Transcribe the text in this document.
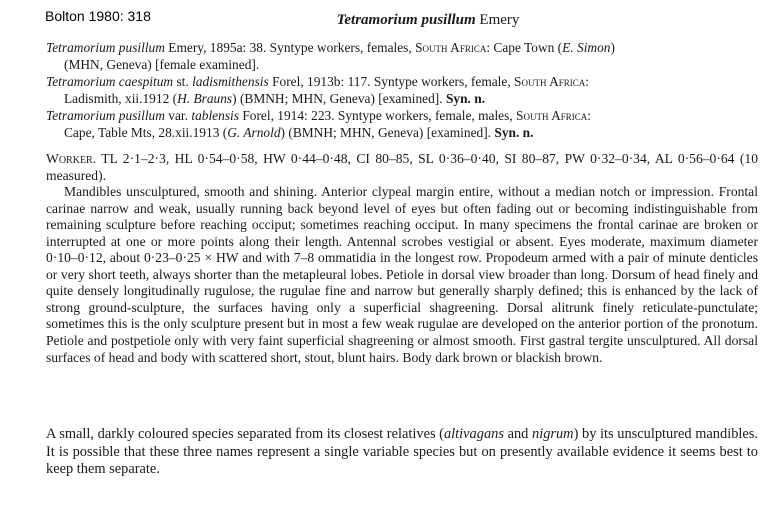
Bolton 1980: 318	Tetramorium pusillum Emery
Tetramorium pusillum Emery, 1895a: 38. Syntype workers, females, South Africa: Cape Town (E. Simon)
(MHN, Geneva) [female examined].
Tetramorium caespitum st. ladismithensis Forel, 1913b: 117. Syntype workers, female, South Africa:
Ladismith, xii.1912 (H. Brauns) (BMNH; MHN, Geneva) [examined]. Syn. n.
Tetramorium pusillum var. tablensis Forel, 1914: 223. Syntype workers, female, males, South Africa:
Cape, Table Mts, 28.xii.1913 (G. Arnold) (BMNH; MHN, Geneva) [examined]. Syn. n.

Worker. TL 2·1–2·3, HL 0·54–0·58, HW 0·44–0·48, CI 80–85, SL 0·36–0·40, SI 80–87, PW 0·32–0·34, AL 0·56–0·64 (10 measured).

Mandibles unsculptured, smooth and shining. Anterior clypeal margin entire, without a median notch or impression. Frontal carinae narrow and weak, usually running back beyond level of eyes but often fading out or becoming indistinguishable from remaining sculpture before reaching occiput; sometimes reaching occiput. In many specimens the frontal carinae are broken or interrupted at one or more points along their length. Antennal scrobes vestigial or absent. Eyes moderate, maximum diameter 0·10–0·12, about 0·23–0·25 × HW and with 7–8 ommatidia in the longest row. Propodeum armed with a pair of minute denticles or very short teeth, always shorter than the metapleural lobes. Petiole in dorsal view broader than long. Dorsum of head finely and quite densely longitudinally rugulose, the rugulae fine and narrow but generally sharply defined; this is enhanced by the lack of strong ground-sculpture, the surfaces having only a superficial shagreening. Dorsal alitrunk finely reticulate-punctulate; sometimes this is the only sculpture present but in most a few weak rugulae are developed on the anterior portion of the pronotum. Petiole and postpetiole only with very faint superficial shagreening or almost smooth. First gastral tergite unsculptured. All dorsal surfaces of head and body with scattered short, stout, blunt hairs. Body dark brown or blackish brown.

A small, darkly coloured species separated from its closest relatives (altivagans and nigrum) by its unsculptured mandibles. It is possible that these three names represent a single variable species but on presently available evidence it seems best to keep them separate.
